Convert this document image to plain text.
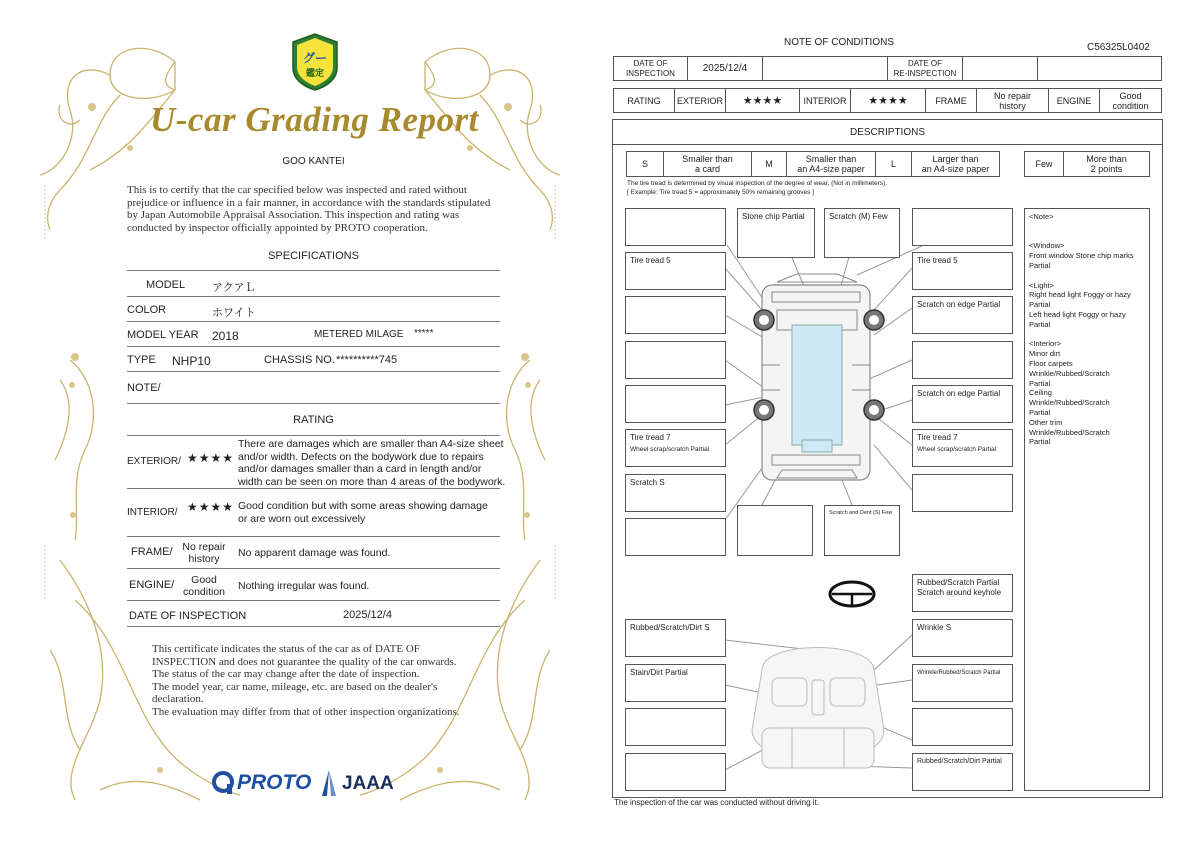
グー
鑑定
U-car Grading Report
GOO KANTEI
This is to certify that the car specified below was inspected and rated without
prejudice or influence in a fair manner, in accordance with the standards stipulated
by Japan Automobile Appraisal Association. This inspection and rating was
conducted by inspector officially appointed by PROTO cooperation.
SPECIFICATIONS
MODEL アクアＬ
COLOR	ホワイト
MODEL YEAR 2018	METERED MILAGE *****
TYPE NHP10	CHASSIS NO. **********745
NOTE/
RATING
EXTERIOR/ ★★★★
There are damages which are smaller than A4-size sheet
and/or width. Defects on the bodywork due to repairs
and/or damages smaller than a card in length and/or
width can be seen on more than 4 areas of the bodywork.
INTERIOR/ ★★★★ Good condition but with some areas showing damage
or are worn out excessively
FRAME/ No repair
history	No apparent damage was found.
ENGINE/	Good
condition	Nothing irregular was found.
DATE OF INSPECTION	2025/12/4
This certificate indicates the status of the car as of DATE OF
INSPECTION and does not guarantee the quality of the car onwards.
The status of the car may change after the date of inspection.
The model year, car name, mileage, etc. are based on the dealer's
declaration.
The evaluation may differ from that of other inspection organizations.
PROTO JAAA
NOTE OF CONDITIONS	C56325L0402
DATE OF
INSPECTION	2025/12/4	DATE OF
RE-INSPECTION
RATING	EXTERIOR	★★★★	INTERIOR	★★★★	FRAME	No repair
history	ENGINE	Good
condition
DESCRIPTIONS
S	Smaller than
a card	M	Smaller than
an A4-size paper	L	Larger than
an A4-size paper	Few	More than
2 points
The tire tread is determined by visual inspection of the degree of wear. (Not in millimeters).
[ Example: Tire tread 5 = approximately 50% remaining grooves ]
Stone chip Partial	Scratch (M) Few
Tire tread 5	Tire tread 5
Scratch on edge Partial
Scratch on edge Partial
Tire tread 7
Wheel scrap/scratch Partial
Tire tread 7
Wheel scrap/scratch Partial
Scratch S
Scratch and Dent (S) Few
Rubbed/Scratch Partial
Scratch around keyhole
Rubbed/Scratch/Dirt S	Wrinkle S
Stain/Dirt Partial	Wrinkle/Rubbed/Scratch Partial
Rubbed/Scratch/Dirt Partial
<Note>
<Window>
Front window Stone chip marks
Partial
<Light>
Right head light Foggy or hazy
Partial
Left head light Foggy or hazy
Partial
<Interior>
Minor dirt
Floor carpets
Wrinkle/Rubbed/Scratch
Partial
Ceiling
Wrinkle/Rubbed/Scratch
Partial
Other trim
Wrinkle/Rubbed/Scratch
Partial
The inspection of the car was conducted without driving it.
